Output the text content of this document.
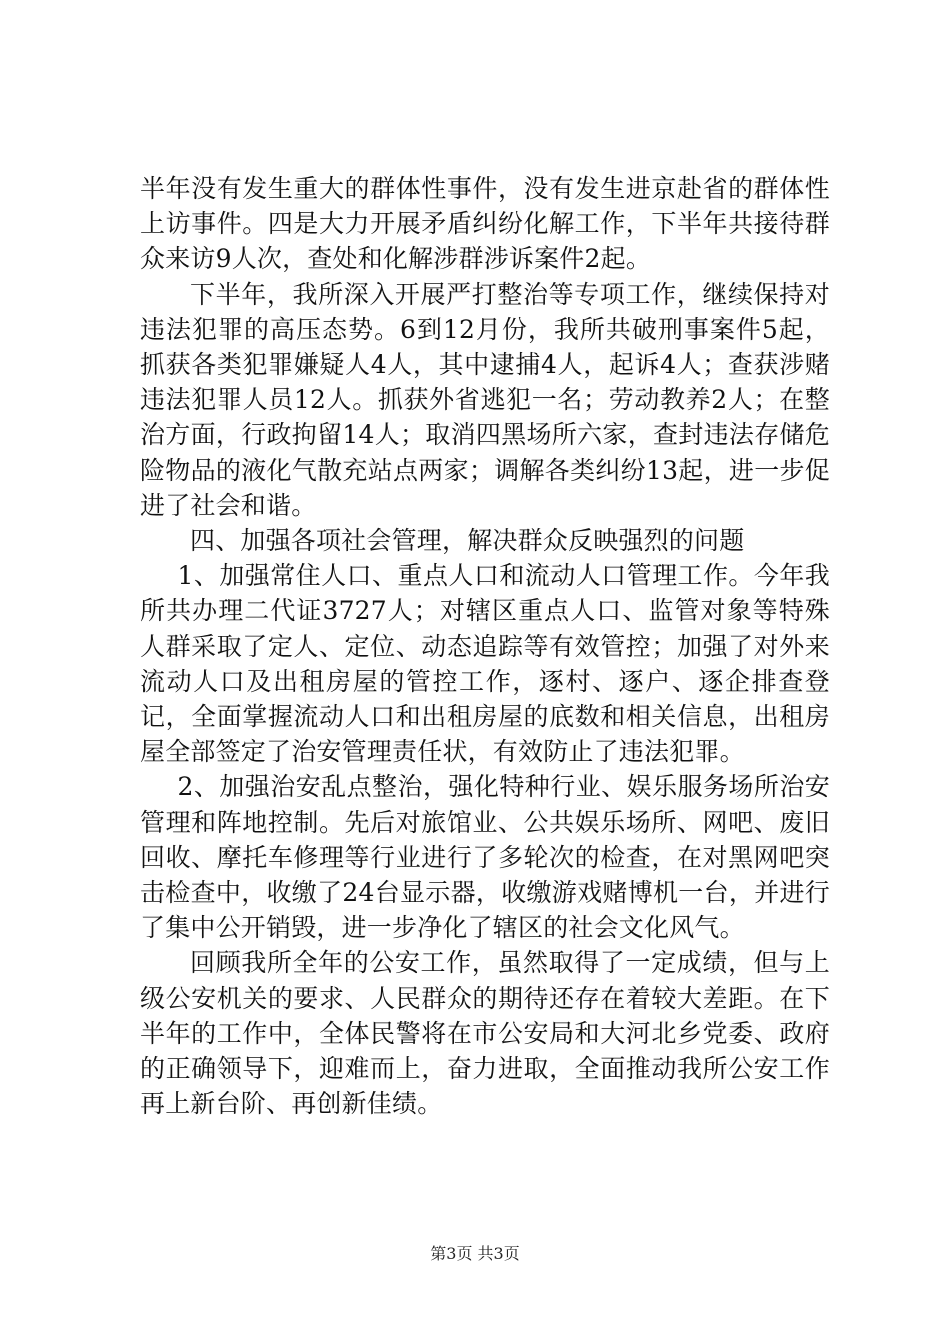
半年没有发生重大的群体性事件，没有发生进京赴省的群体性上访事件。四是大力开展矛盾纠纷化解工作，下半年共接待群众来访9人次，查处和化解涉群涉诉案件2起。

下半年，我所深入开展严打整治等专项工作，继续保持对违法犯罪的高压态势。6到12月份，我所共破刑事案件5起，抓获各类犯罪嫌疑人4人，其中逮捕4人，起诉4人；查获涉赌违法犯罪人员12人。抓获外省逃犯一名；劳动教养2人；在整治方面，行政拘留14人；取消四黑场所六家，查封违法存储危险物品的液化气散充站点两家；调解各类纠纷13起，进一步促进了社会和谐。

四、加强各项社会管理，解决群众反映强烈的问题

1、加强常住人口、重点人口和流动人口管理工作。今年我所共办理二代证3727人；对辖区重点人口、监管对象等特殊人群采取了定人、定位、动态追踪等有效管控；加强了对外来流动人口及出租房屋的管控工作，逐村、逐户、逐企排查登记，全面掌握流动人口和出租房屋的底数和相关信息，出租房屋全部签定了治安管理责任状，有效防止了违法犯罪。

2、加强治安乱点整治，强化特种行业、娱乐服务场所治安管理和阵地控制。先后对旅馆业、公共娱乐场所、网吧、废旧回收、摩托车修理等行业进行了多轮次的检查，在对黑网吧突击检查中，收缴了24台显示器，收缴游戏赌博机一台，并进行了集中公开销毁，进一步净化了辖区的社会文化风气。

回顾我所全年的公安工作，虽然取得了一定成绩，但与上级公安机关的要求、人民群众的期待还存在着较大差距。在下半年的工作中，全体民警将在市公安局和大河北乡党委、政府的正确领导下，迎难而上，奋力进取，全面推动我所公安工作再上新台阶、再创新佳绩。

第3页 共3页
